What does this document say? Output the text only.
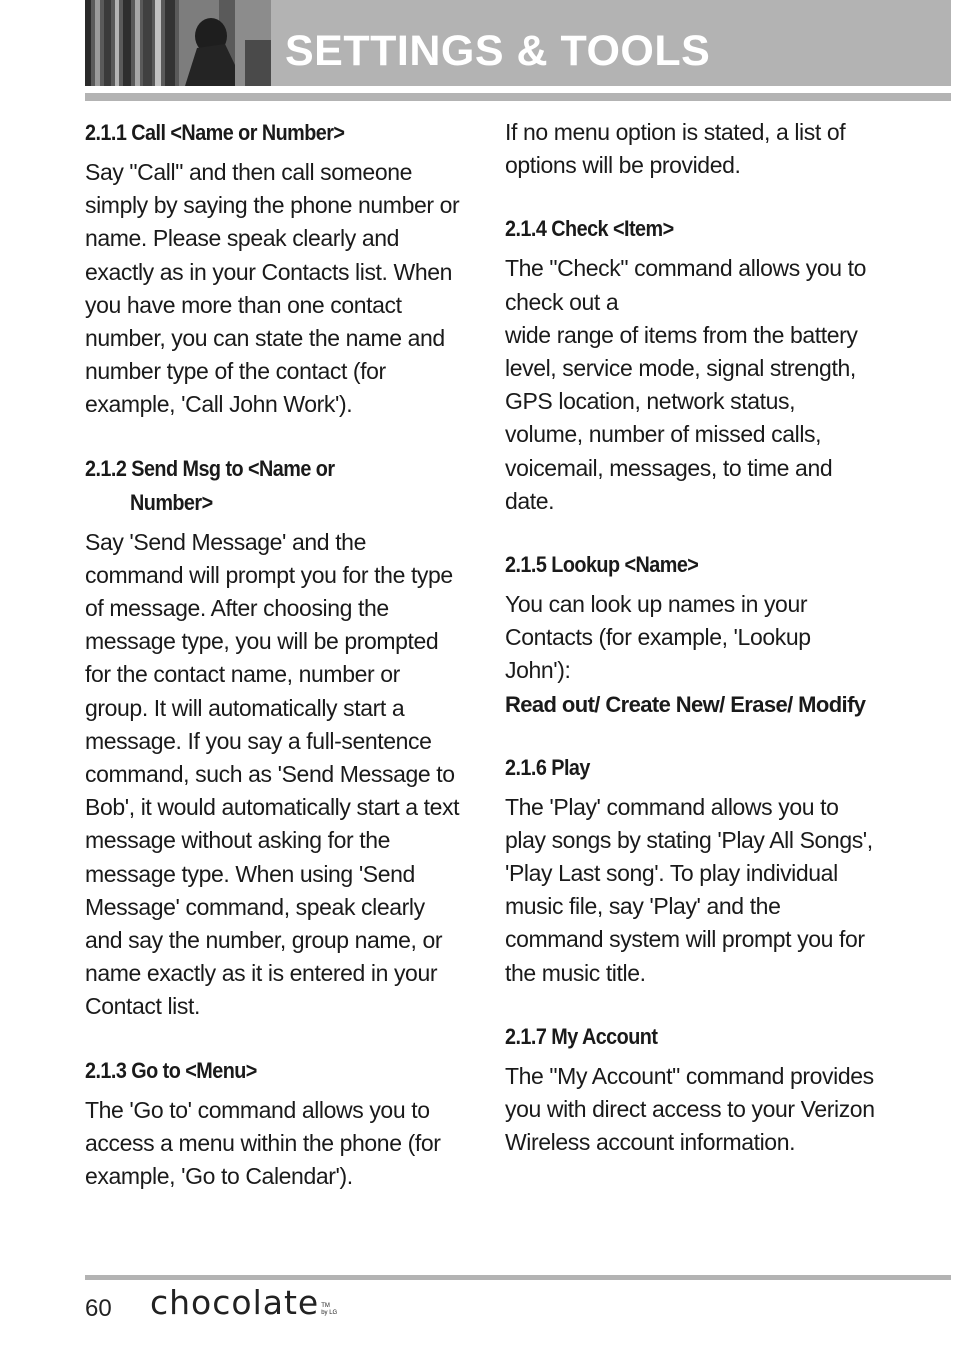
SETTINGS & TOOLS
2.1.1 Call <Name or Number>

Say "Call" and then call someone simply by saying the phone number or name. Please speak clearly and exactly as in your Contacts list. When you have more than one contact number, you can state the name and number type of the contact (for example, 'Call John Work').

2.1.2 Send Msg to <Name or
Number>

Say 'Send Message' and the command will prompt you for the type of message. After choosing the message type, you will be prompted for the contact name, number or group. It will automatically start a message. If you say a full-sentence command, such as 'Send Message to Bob', it would automatically start a text message without asking for the message type. When using 'Send Message' command, speak clearly and say the number, group name, or name exactly as it is entered in your Contact list.

2.1.3 Go to <Menu>

The 'Go to' command allows you to access a menu within the phone (for example, 'Go to Calendar').

If no menu option is stated, a list of options will be provided.

2.1.4 Check <Item>

The "Check" command allows you to check out a
wide range of items from the battery level, service mode, signal strength, GPS location, network status, volume, number of missed calls, voicemail, messages, to time and date.

2.1.5 Lookup <Name>

You can look up names in your Contacts (for example, 'Lookup John'):

Read out/ Create New/ Erase/ Modify

2.1.6 Play

The 'Play' command allows you to play songs by stating 'Play All Songs', 'Play Last song'. To play individual music file, say 'Play' and the command system will prompt you for the music title.

2.1.7 My Account

The "My Account" command provides you with direct access to your Verizon Wireless account information.

60 chocolate TM
by LG
